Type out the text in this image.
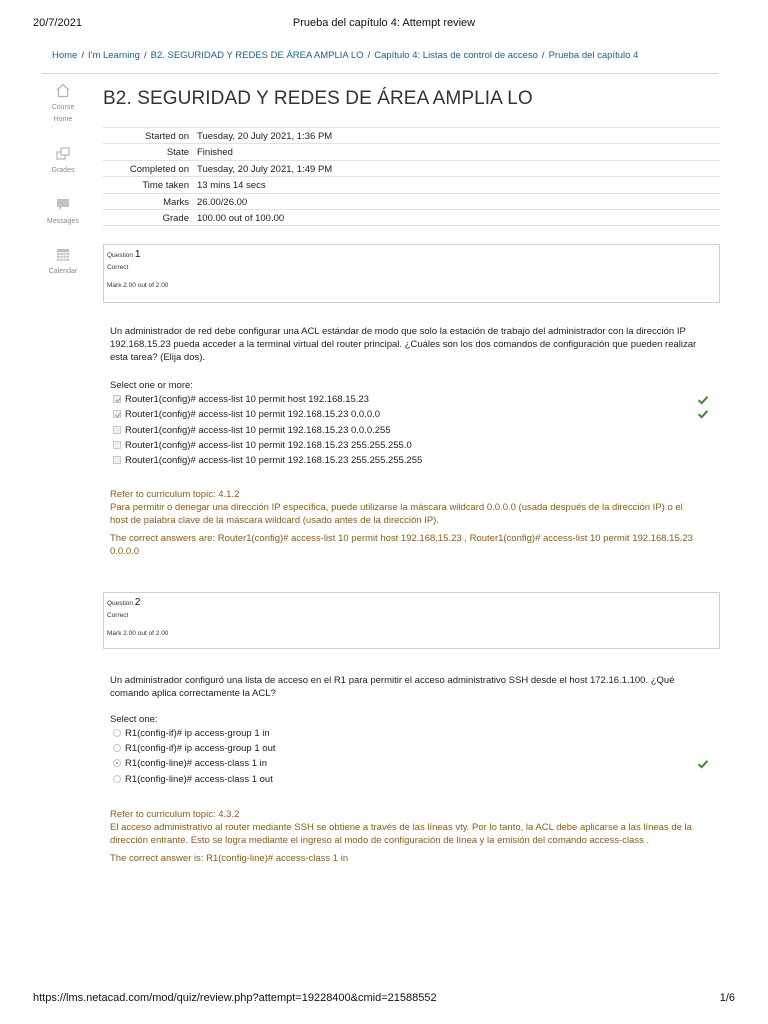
20/7/2021	Prueba del capítulo 4: Attempt review
Home / I'm Learning / B2. SEGURIDAD Y REDES DE ÁREA AMPLIA LO / Capítulo 4: Listas de control de acceso / Prueba del capítulo 4
Course
Home
Grades
Messages
Calendar
B2. SEGURIDAD Y REDES DE ÁREA AMPLIA LO
Started on Tuesday, 20 July 2021, 1:36 PM
State Finished
Completed on Tuesday, 20 July 2021, 1:49 PM
Time taken 13 mins 14 secs
Marks 26.00/26.00
Grade 100.00 out of 100.00
Question 1
Correct
Mark 2.00 out of 2.00
Un administrador de red debe configurar una ACL estándar de modo que solo la estación de trabajo del administrador con la dirección IP 192.168.15.23 pueda acceder a la terminal virtual del router principal. ¿Cuáles son los dos comandos de configuración que pueden realizar esta tarea? (Elija dos).
Select one or more:
Router1(config)# access-list 10 permit host 192.168.15.23
Router1(config)# access-list 10 permit 192.168.15.23 0.0.0.0
Router1(config)# access-list 10 permit 192.168.15.23 0.0.0.255
Router1(config)# access-list 10 permit 192.168.15.23 255.255.255.0
Router1(config)# access-list 10 permit 192.168.15.23 255.255.255.255
Refer to curriculum topic: 4.1.2
Para permitir o denegar una dirección IP específica, puede utilizarse la máscara wildcard 0.0.0.0 (usada después de la dirección IP) o el host de palabra clave de la máscara wildcard (usado antes de la dirección IP).
The correct answers are: Router1(config)# access-list 10 permit host 192.168.15.23 , Router1(config)# access-list 10 permit 192.168.15.23 0.0.0.0
Question 2
Correct
Mark 2.00 out of 2.00
Un administrador configuró una lista de acceso en el R1 para permitir el acceso administrativo SSH desde el host 172.16.1.100. ¿Qué comando aplica correctamente la ACL?
Select one:
R1(config-if)# ip access-group 1 in
R1(config-if)# ip access-group 1 out
R1(config-line)# access-class 1 in
R1(config-line)# access-class 1 out
Refer to curriculum topic: 4.3.2
El acceso administrativo al router mediante SSH se obtiene a través de las líneas vty. Por lo tanto, la ACL debe aplicarse a las líneas de la dirección entrante. Esto se logra mediante el ingreso al modo de configuración de línea y la emisión del comando access-class .
The correct answer is: R1(config-line)# access-class 1 in
https://lms.netacad.com/mod/quiz/review.php?attempt=19228400&cmid=21588552	1/6
